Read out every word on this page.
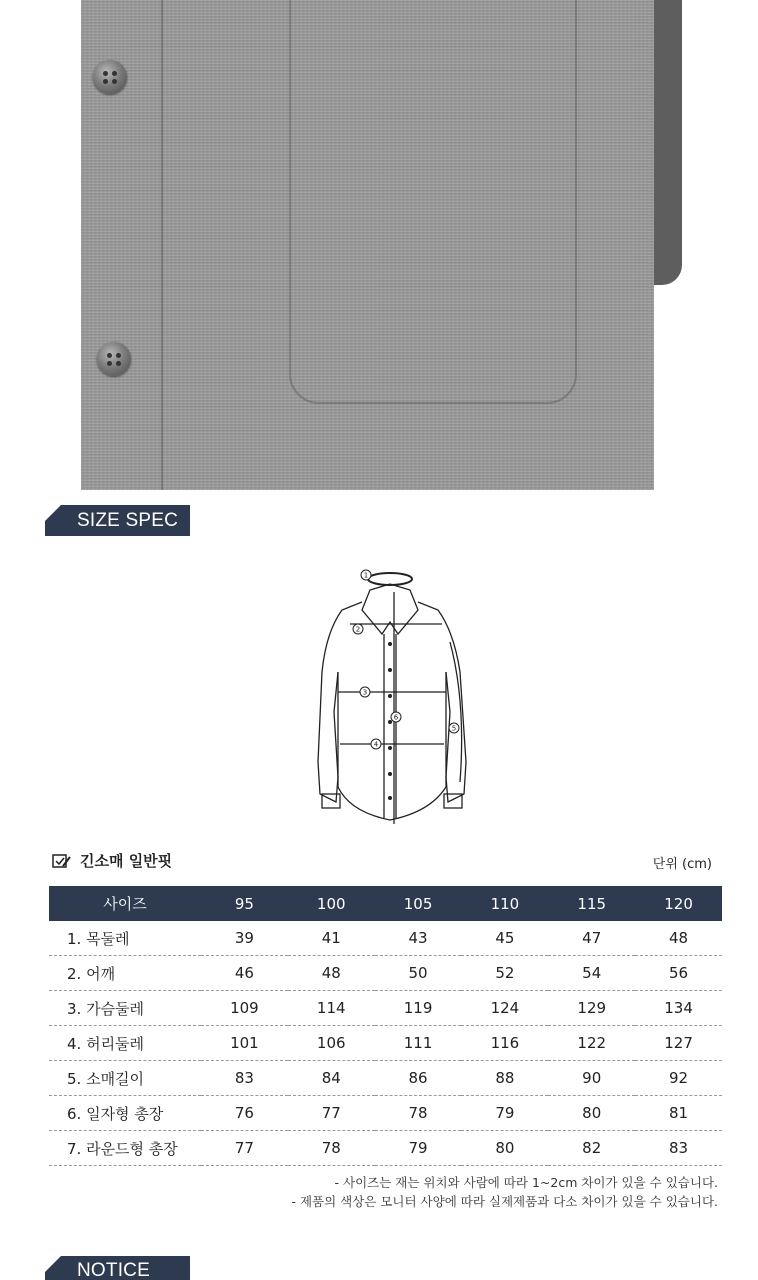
SIZE SPEC
1
2
3
4
5
6
긴소매 일반핏	단위 (cm)
사이즈	95	100	105	110	115	120
1. 목둘레	39	41	43	45	47	48
2. 어깨	46	48	50	52	54	56
3. 가슴둘레	109	114	119	124	129	134
4. 허리둘레	101	106	111	116	122	127
5. 소매길이	83	84	86	88	90	92
6. 일자형 총장	76	77	78	79	80	81
7. 라운드형 총장	77	78	79	80	82	83
- 사이즈는 재는 위치와 사람에 따라 1~2cm 차이가 있을 수 있습니다.
- 제품의 색상은 모니터 사양에 따라 실제제품과 다소 차이가 있을 수 있습니다.
NOTICE
